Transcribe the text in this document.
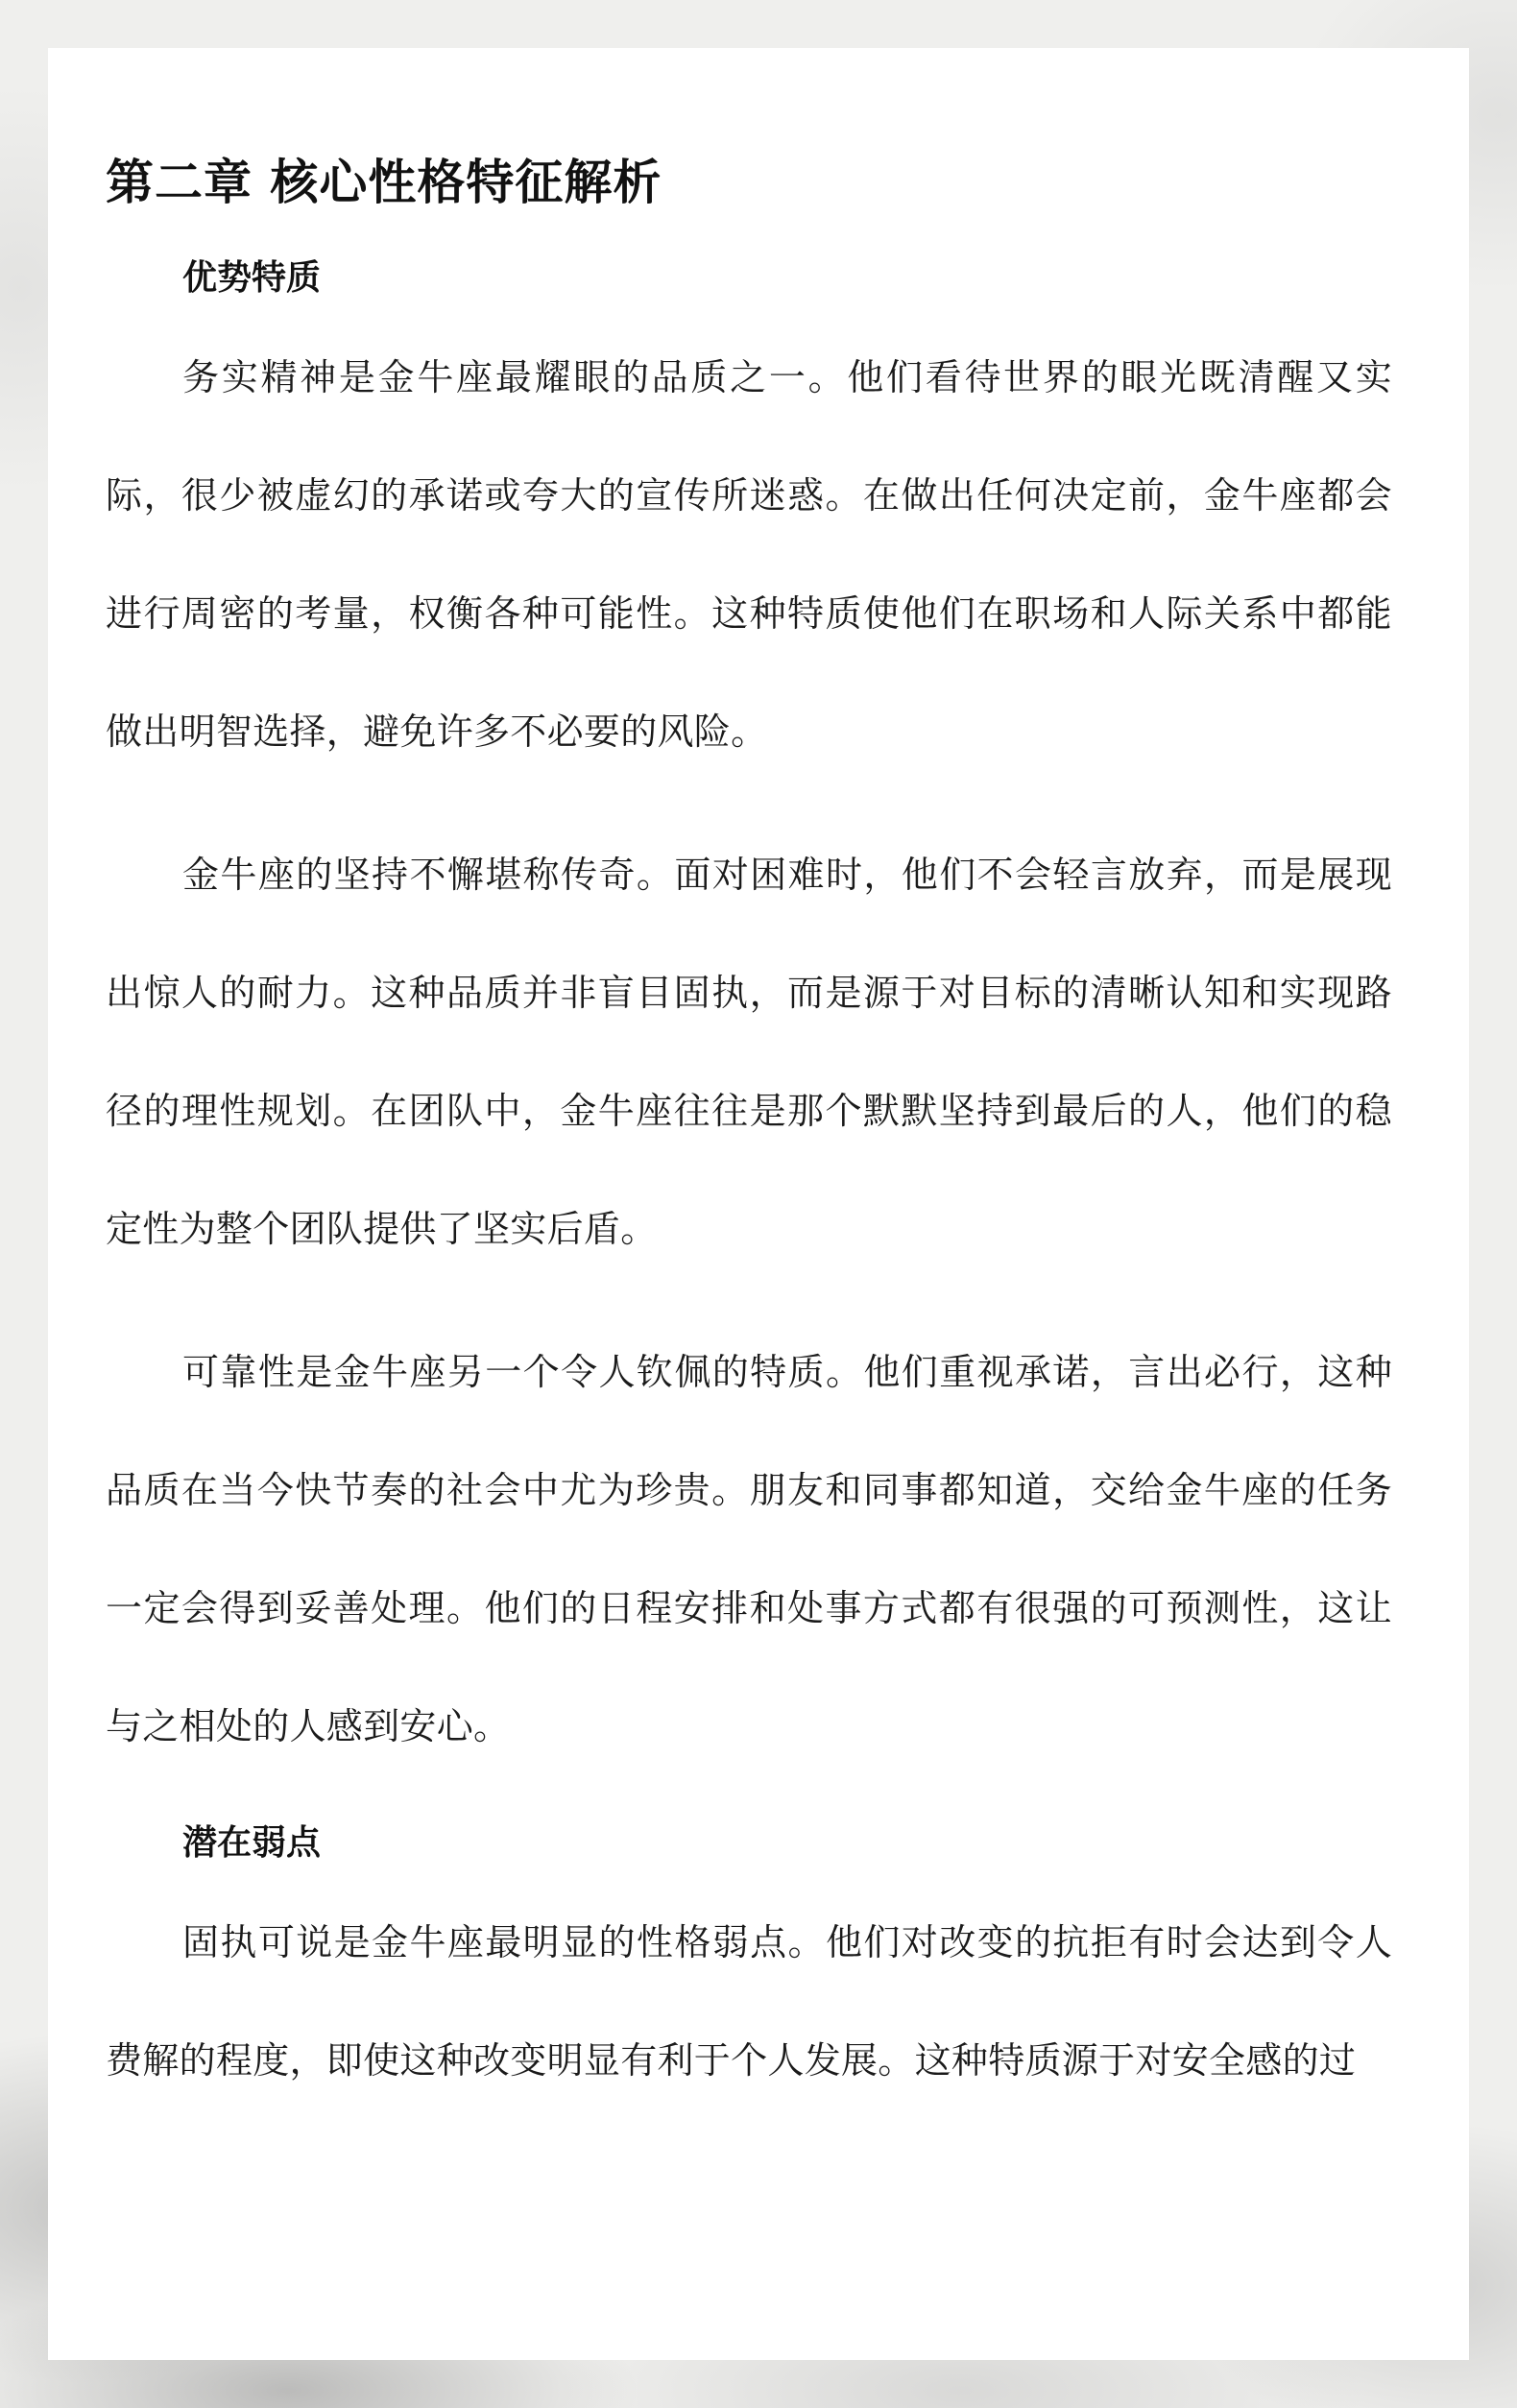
第二章 核心性格特征解析
优势特质

务实精神是金牛座最耀眼的品质之一。他们看待世界的眼光既清醒又实际，很少被虚幻的承诺或夸大的宣传所迷惑。在做出任何决定前，金牛座都会进行周密的考量，权衡各种可能性。这种特质使他们在职场和人际关系中都能做出明智选择，避免许多不必要的风险。

金牛座的坚持不懈堪称传奇。面对困难时，他们不会轻言放弃，而是展现出惊人的耐力。这种品质并非盲目固执，而是源于对目标的清晰认知和实现路径的理性规划。在团队中，金牛座往往是那个默默坚持到最后的人，他们的稳定性为整个团队提供了坚实后盾。

可靠性是金牛座另一个令人钦佩的特质。他们重视承诺，言出必行，这种品质在当今快节奏的社会中尤为珍贵。朋友和同事都知道，交给金牛座的任务一定会得到妥善处理。他们的日程安排和处事方式都有很强的可预测性，这让与之相处的人感到安心。

潜在弱点

固执可说是金牛座最明显的性格弱点。他们对改变的抗拒有时会达到令人费解的程度，即使这种改变明显有利于个人发展。这种特质源于对安全感的过
